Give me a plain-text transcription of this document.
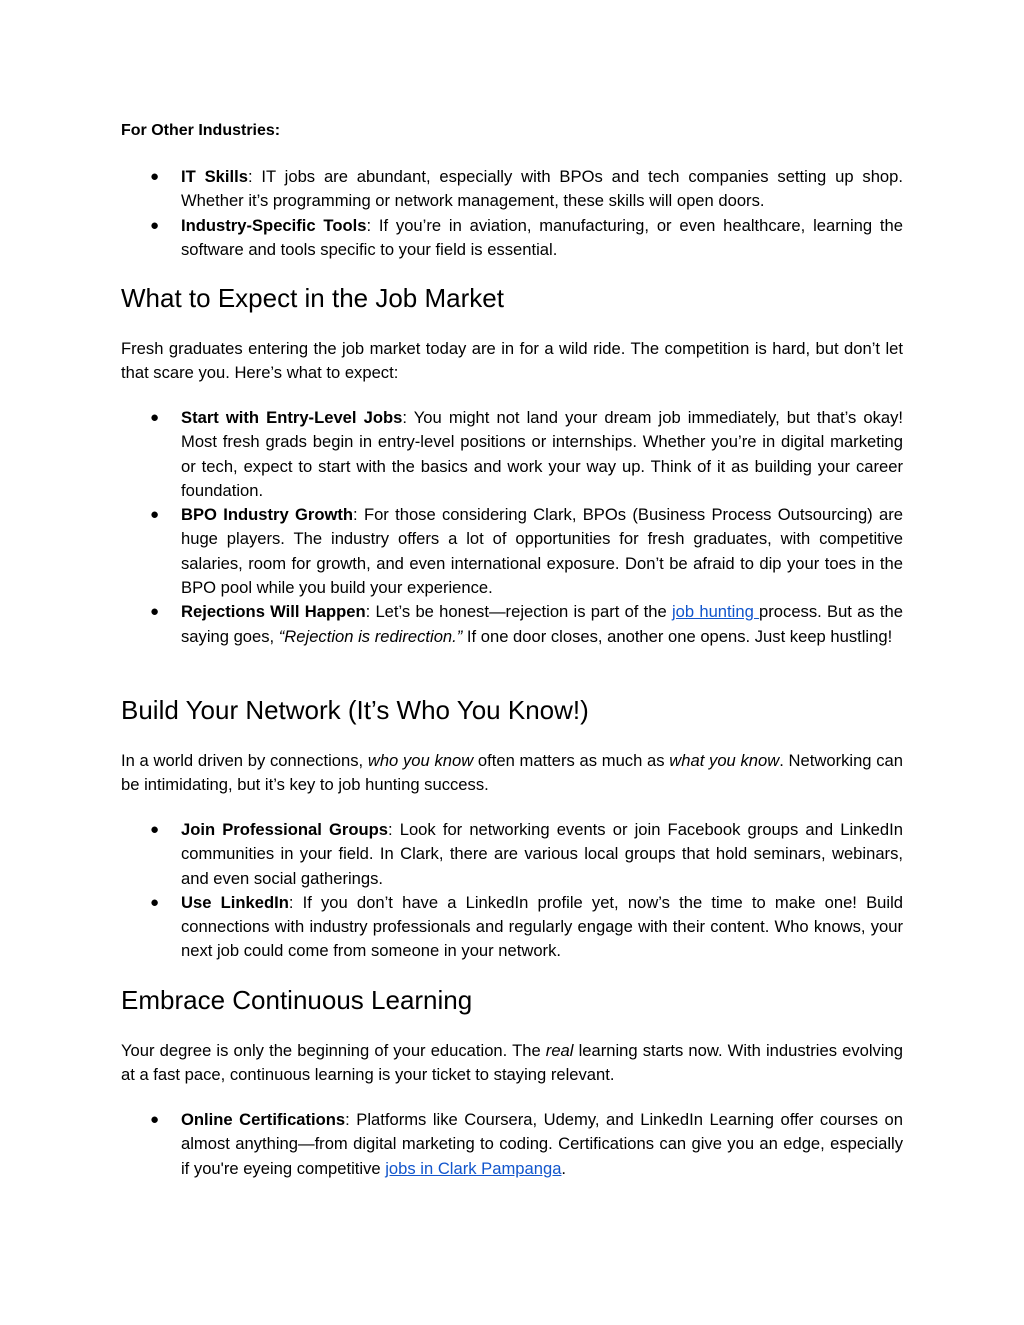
For Other Industries:
● IT Skills: IT jobs are abundant, especially with BPOs and tech companies setting up shop. Whether it’s programming or network management, these skills will open doors.
● Industry-Specific Tools: If you’re in aviation, manufacturing, or even healthcare, learning the software and tools specific to your field is essential.
What to Expect in the Job Market

Fresh graduates entering the job market today are in for a wild ride. The competition is hard, but don’t let that scare you. Here’s what to expect:

● Start with Entry-Level Jobs: You might not land your dream job immediately, but that’s okay! Most fresh grads begin in entry-level positions or internships. Whether you’re in digital marketing or tech, expect to start with the basics and work your way up. Think of it as building your career foundation.
● BPO Industry Growth: For those considering Clark, BPOs (Business Process Outsourcing) are huge players. The industry offers a lot of opportunities for fresh graduates, with competitive salaries, room for growth, and even international exposure. Don’t be afraid to dip your toes in the BPO pool while you build your experience.
● Rejections Will Happen: Let’s be honest—rejection is part of the job hunting process. But as the saying goes, “Rejection is redirection.” If one door closes, another one opens. Just keep hustling!
Build Your Network (It’s Who You Know!)

In a world driven by connections, who you know often matters as much as what you know. Networking can be intimidating, but it’s key to job hunting success.

● Join Professional Groups: Look for networking events or join Facebook groups and LinkedIn communities in your field. In Clark, there are various local groups that hold seminars, webinars, and even social gatherings.
● Use LinkedIn: If you don’t have a LinkedIn profile yet, now’s the time to make one! Build connections with industry professionals and regularly engage with their content. Who knows, your next job could come from someone in your network.
Embrace Continuous Learning

Your degree is only the beginning of your education. The real learning starts now. With industries evolving at a fast pace, continuous learning is your ticket to staying relevant.

● Online Certifications: Platforms like Coursera, Udemy, and LinkedIn Learning offer courses on almost anything—from digital marketing to coding. Certifications can give you an edge, especially if you're eyeing competitive jobs in Clark Pampanga.
